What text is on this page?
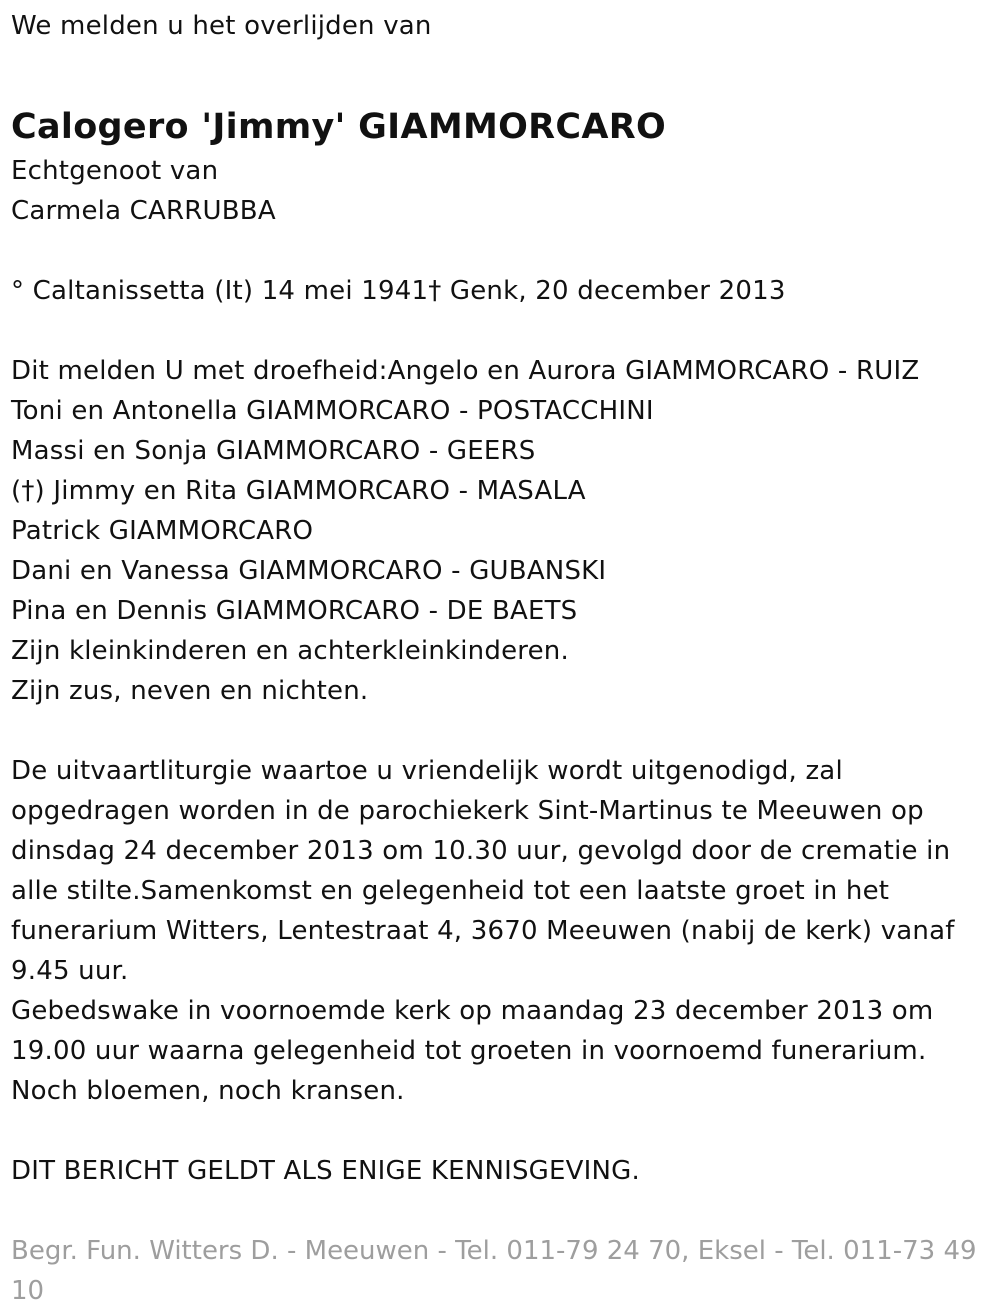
We melden u het overlijden van
Calogero 'Jimmy' GIAMMORCARO
Echtgenoot van
Carmela CARRUBBA
° Caltanissetta (It) 14 mei 1941† Genk, 20 december 2013
Dit melden U met droefheid:Angelo en Aurora GIAMMORCARO - RUIZ
Toni en Antonella GIAMMORCARO - POSTACCHINI
Massi en Sonja GIAMMORCARO - GEERS
(†) Jimmy en Rita GIAMMORCARO - MASALA
Patrick GIAMMORCARO
Dani en Vanessa GIAMMORCARO - GUBANSKI
Pina en Dennis GIAMMORCARO - DE BAETS
Zijn kleinkinderen en achterkleinkinderen.
Zijn zus, neven en nichten.
De uitvaartliturgie waartoe u vriendelijk wordt uitgenodigd, zal
opgedragen worden in de parochiekerk Sint-Martinus te Meeuwen op
dinsdag 24 december 2013 om 10.30 uur, gevolgd door de crematie in
alle stilte.Samenkomst en gelegenheid tot een laatste groet in het
funerarium Witters, Lentestraat 4, 3670 Meeuwen (nabij de kerk) vanaf
9.45 uur.
Gebedswake in voornoemde kerk op maandag 23 december 2013 om
19.00 uur waarna gelegenheid tot groeten in voornoemd funerarium.
Noch bloemen, noch kransen.
DIT BERICHT GELDT ALS ENIGE KENNISGEVING.
Begr. Fun. Witters D. - Meeuwen - Tel. 011-79 24 70, Eksel - Tel. 011-73 49 10
